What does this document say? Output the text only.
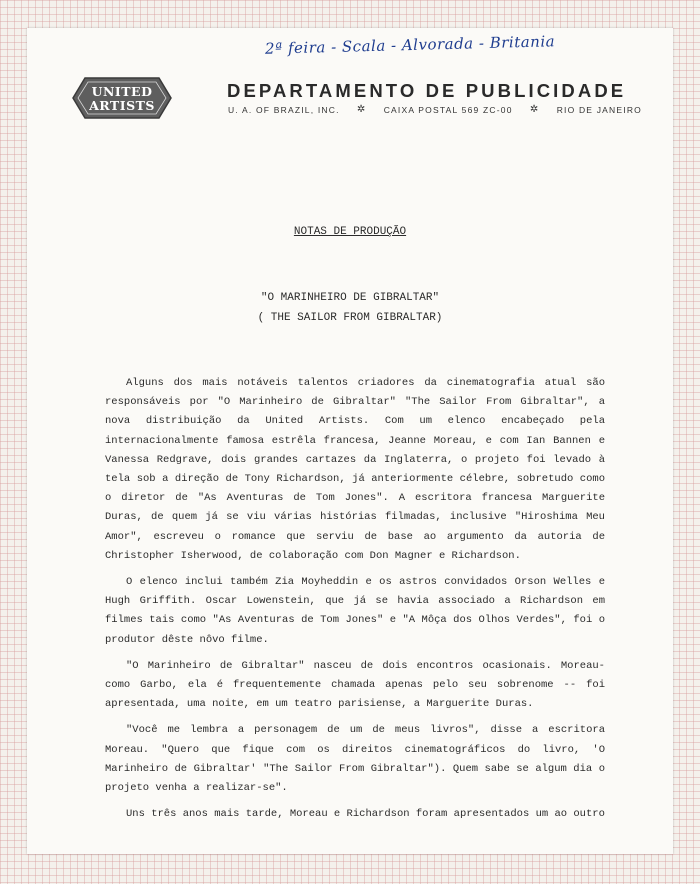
2ª feira - Scala - Alvorada - Britania
UNITED
ARTISTS
DEPARTAMENTO DE PUBLICIDADE
U. A. OF BRAZIL, INC. ✲ CAIXA POSTAL 569 ZC-00 ✲ RIO DE JANEIRO
NOTAS DE PRODUÇÃO
"O MARINHEIRO DE GIBRALTAR"
( THE SAILOR FROM GIBRALTAR)

Alguns dos mais notáveis talentos criadores da cinematografia atual são responsáveis por "O Marinheiro de Gibraltar" "The Sailor From Gibraltar", a nova distribuição da United Artists. Com um elenco encabeçado pela internacionalmente famosa estrêla francesa, Jeanne Moreau, e com Ian Bannen e Vanessa Redgrave, dois grandes cartazes da Inglaterra, o projeto foi levado à tela sob a direção de Tony Richardson, já anteriormente célebre, sobretudo como o diretor de "As Aventuras de Tom Jones". A escritora francesa Marguerite Duras, de quem já se viu várias histórias filmadas, inclusive "Hiroshima Meu Amor", escreveu o romance que serviu de base ao argumento da autoria de Christopher Isherwood, de colaboração com Don Magner e Richardson.

O elenco inclui também Zia Moyheddin e os astros convidados Orson Welles e Hugh Griffith. Oscar Lowenstein, que já se havia associado a Richardson em filmes tais como "As Aventuras de Tom Jones" e "A Môça dos Olhos Verdes", foi o produtor dêste nôvo filme.

"O Marinheiro de Gibraltar" nasceu de dois encontros ocasionais. Moreau- como Garbo, ela é frequentemente chamada apenas pelo seu sobrenome -- foi apresentada, uma noite, em um teatro parisiense, a Marguerite Duras.

"Você me lembra a personagem de um de meus livros", disse a escritora Moreau. "Quero que fique com os direitos cinematográficos do livro, 'O Marinheiro de Gibraltar' "The Sailor From Gibraltar"). Quem sabe se algum dia o projeto venha a realizar-se".

Uns três anos mais tarde, Moreau e Richardson foram apresentados um ao outro
